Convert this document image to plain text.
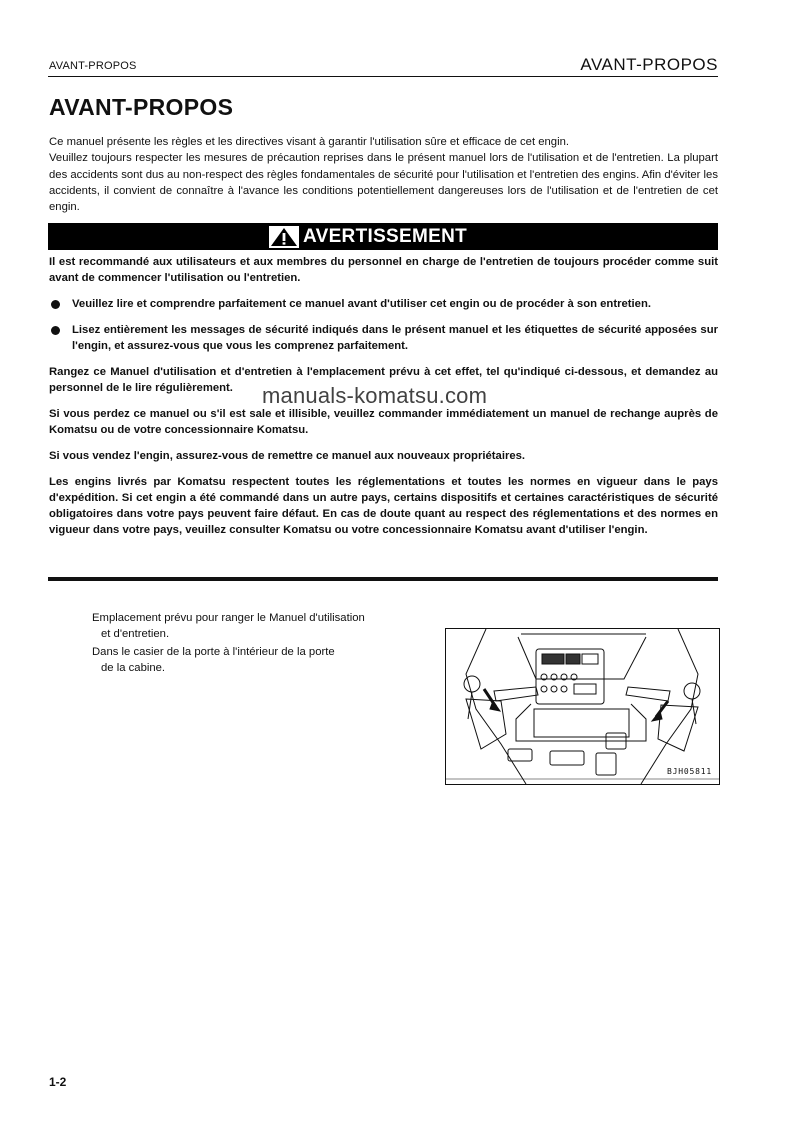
AVANT-PROPOS	AVANT-PROPOS
AVANT-PROPOS

Ce manuel présente les règles et les directives visant à garantir l'utilisation sûre et efficace de cet engin.

Veuillez toujours respecter les mesures de précaution reprises dans le présent manuel lors de l'utilisation et de l'entretien. La plupart des accidents sont dus au non-respect des règles fondamentales de sécurité pour l'utilisation et l'entretien des engins. Afin d'éviter les accidents, il convient de connaître à l'avance les conditions potentiellement dangereuses lors de l'utilisation et de l'entretien de cet engin.

AVERTISSEMENT

Il est recommandé aux utilisateurs et aux membres du personnel en charge de l'entretien de toujours procéder comme suit avant de commencer l'utilisation ou l'entretien.

Veuillez lire et comprendre parfaitement ce manuel avant d'utiliser cet engin ou de procéder à son entretien.
Lisez entièrement les messages de sécurité indiqués dans le présent manuel et les étiquettes de sécurité apposées sur l'engin, et assurez-vous que vous les comprenez parfaitement.

Rangez ce Manuel d'utilisation et d'entretien à l'emplacement prévu à cet effet, tel qu'indiqué ci-dessous, et demandez au personnel de le lire régulièrement.

Si vous perdez ce manuel ou s'il est sale et illisible, veuillez commander immédiatement un manuel de rechange auprès de Komatsu ou de votre concessionnaire Komatsu.

Si vous vendez l'engin, assurez-vous de remettre ce manuel aux nouveaux propriétaires.

Les engins livrés par Komatsu respectent toutes les réglementations et toutes les normes en vigueur dans le pays d'expédition. Si cet engin a été commandé dans un autre pays, certains dispositifs et certaines caractéristiques de sécurité obligatoires dans votre pays peuvent faire défaut. En cas de doute quant au respect des réglementations et des normes en vigueur dans votre pays, veuillez consulter Komatsu ou votre concessionnaire Komatsu avant d'utiliser l'engin.

manuals-komatsu.com

Emplacement prévu pour ranger le Manuel d'utilisation
et d'entretien.

Dans le casier de la porte à l'intérieur de la porte
de la cabine.

BJH05811
1-2
